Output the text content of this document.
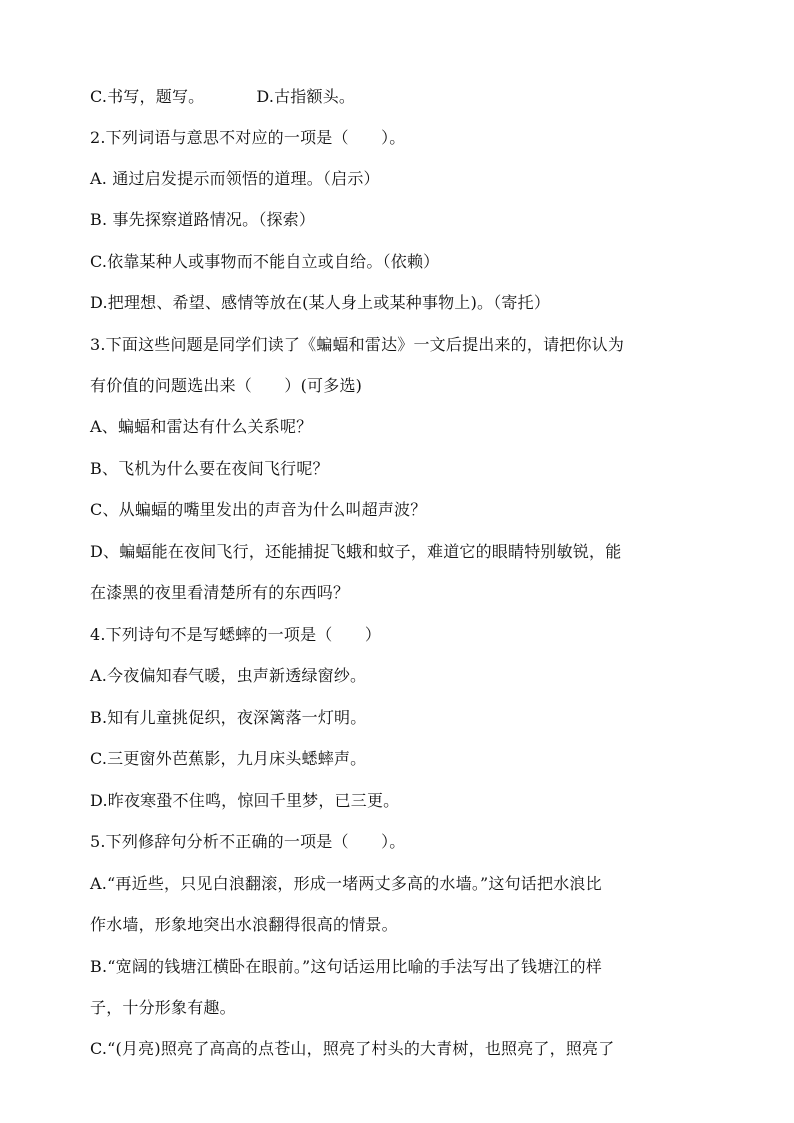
C.书写，题写。	D.古指额头。
2.下列词语与意思不对应的一项是（　　）。
A. 通过启发提示而领悟的道理。（启示）
B. 事先探察道路情况。（探索）
C.依靠某种人或事物而不能自立或自给。（依赖）
D.把理想、希望、感情等放在(某人身上或某种事物上)。（寄托）
3.下面这些问题是同学们读了《蝙蝠和雷达》一文后提出来的，请把你认为
有价值的问题选出来（　　）(可多选)
A、蝙蝠和雷达有什么关系呢？
B、飞机为什么要在夜间飞行呢？
C、从蝙蝠的嘴里发出的声音为什么叫超声波？
D、蝙蝠能在夜间飞行，还能捕捉飞蛾和蚊子，难道它的眼睛特别敏锐，能
在漆黑的夜里看清楚所有的东西吗？
4.下列诗句不是写蟋蟀的一项是（　　）
A.今夜偏知春气暖，虫声新透绿窗纱。
B.知有儿童挑促织，夜深篱落一灯明。
C.三更窗外芭蕉影，九月床头蟋蟀声。
D.昨夜寒蛩不住鸣，惊回千里梦，已三更。
5.下列修辞句分析不正确的一项是（　　）。
A.“再近些，只见白浪翻滚，形成一堵两丈多高的水墙。”这句话把水浪比
作水墙，形象地突出水浪翻得很高的情景。
B.“宽阔的钱塘江横卧在眼前。”这句话运用比喻的手法写出了钱塘江的样
子，十分形象有趣。
C.“(月亮)照亮了高高的点苍山，照亮了村头的大青树，也照亮了，照亮了
